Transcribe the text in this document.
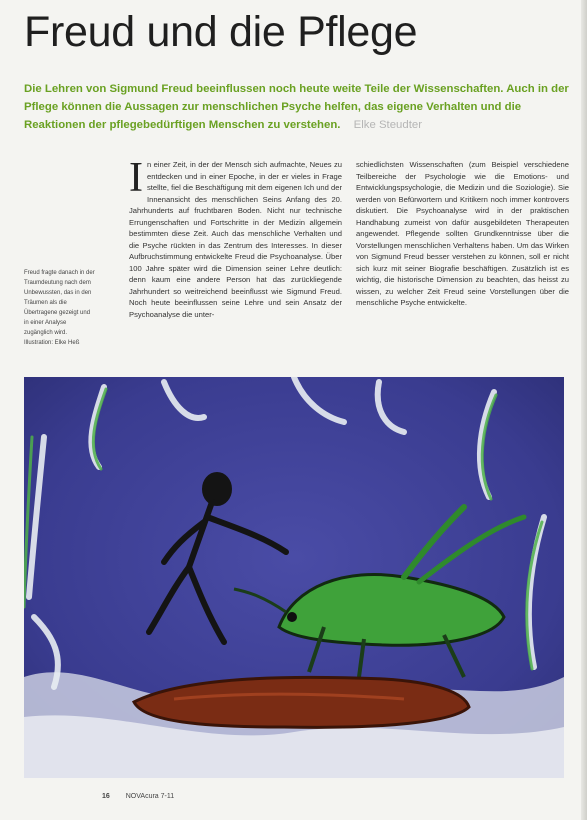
Freud und die Pflege

Die Lehren von Sigmund Freud beeinflussen noch heute weite Teile der Wissenschaften. Auch in der Pflege können die Aussagen zur menschlichen Psyche helfen, das eigene Verhalten und die Reaktionen der pflegebedürftigen Menschen zu verstehen. Elke Steudter

Freud fragte danach in der Traumdeutung nach dem Unbewussten, das in den Träumen als die Übertragene gezeigt und in einer Analyse zugänglich wird. Illustration: Elke Heß

I n einer Zeit, in der der Mensch sich aufmachte, Neues zu entdecken und in einer Epoche, in der er vieles in Frage stellte, fiel die Beschäftigung mit dem eigenen Ich und der Innenansicht des menschlichen Seins Anfang des 20. Jahrhunderts auf fruchtbaren Boden. Nicht nur technische Errungenschaften und Fortschritte in der Medizin allgemein bestimmten diese Zeit. Auch das menschliche Verhalten und die Psyche rückten in das Zentrum des Interesses. In dieser Aufbruchstimmung entwickelte Freud die Psychoanalyse. Über 100 Jahre später wird die Dimension seiner Lehre deutlich: denn kaum eine andere Person hat das zurückliegende Jahrhundert so weitreichend beeinflusst wie Sigmund Freud. Noch heute beeinflussen seine Lehre und sein Ansatz der Psychoanalyse die unter-

schiedlichsten Wissenschaften (zum Beispiel verschiedene Teilbereiche der Psychologie wie die Emotions- und Entwicklungspsychologie, die Medizin und die Soziologie). Sie werden von Befürwortern und Kritikern noch immer kontrovers diskutiert. Die Psychoanalyse wird in der praktischen Handhabung zumeist von dafür ausgebildeten Therapeuten angewendet. Pflegende sollten Grundkenntnisse über die Vorstellungen menschlichen Verhaltens haben. Um das Wirken von Sigmund Freud besser verstehen zu können, soll er nicht sich kurz mit seiner Biografie beschäftigen. Zusätzlich ist es wichtig, die historische Dimension zu beachten, das heisst zu wissen, zu welcher Zeit Freud seine Vorstellungen über die menschliche Psyche entwickelte.

16 NOVAcura 7-11
